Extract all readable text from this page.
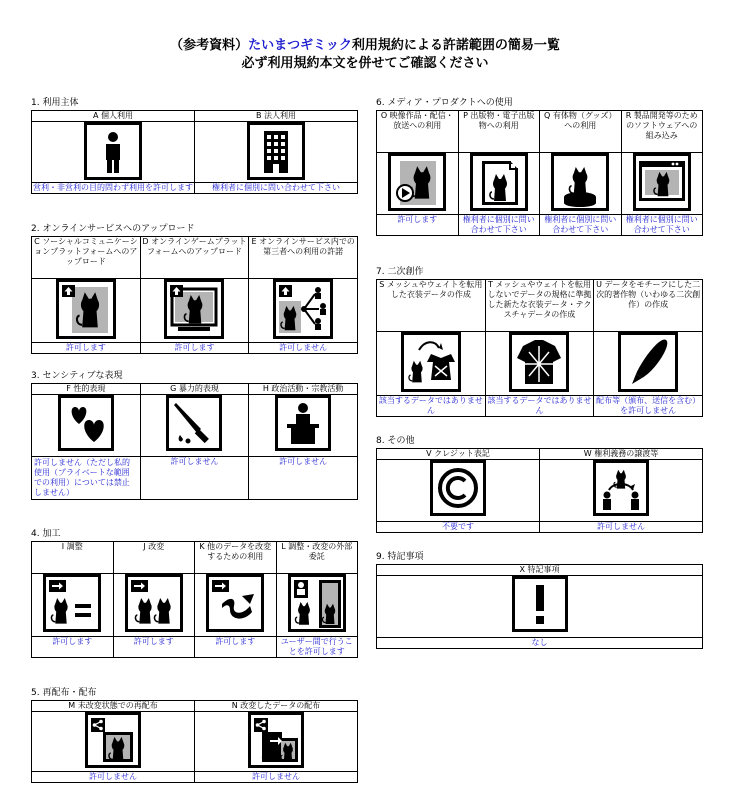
（参考資料）たいまつギミック利用規約による許諾範囲の簡易一覧
必ず利用規約本文を併せてご確認ください
1. 利用主体
A 個人利用	B 法人利用

営利・非営利の目的問わず利用を許可します	権利者に個別に問い合わせて下さい
2. オンラインサービスへのアップロード
C ソーシャルコミュニケーションプラットフォームへのアップロード	D オンラインゲームプラットフォームへのアップロード	E オンラインサービス内での第三者への利用の許諾

許可します	許可します	許可しません
3. センシティブな表現
F 性的表現	G 暴力的表現	H 政治活動・宗教活動

許可しません（ただし私的使用（プライベートな範囲での利用）については禁止しません）	許可しません	許可しません
4. 加工
I 調整	J 改変	K 他のデータを改変するための利用	L 調整・改変の外部委託

許可します	許可します	許可します	ユーザー間で行うことを許可します
5. 再配布・配布
M 未改変状態での再配布	N 改変したデータの配布

許可しません	許可しません
6. メディア・プロダクトへの使用
O 映像作品・配信・放送への利用	P 出版物・電子出版物への利用	Q 有体物（グッズ）への利用	R 製品開発等のためのソフトウェアへの組み込み

許可します	権利者に個別に問い合わせて下さい	権利者に個別に問い合わせて下さい	権利者に個別に問い合わせて下さい
7. 二次創作
S メッシュやウェイトを転用した衣装データの作成	T メッシュやウェイトを転用しないでデータの規格に準拠した新たな衣装データ・テクスチャデータの作成	U データをモチーフにした二次的著作物（いわゆる二次創作）の作成

該当するデータではありません	該当するデータではありません	配布等（頒布、送信を含む）を許可しません
8. その他
V クレジット表記	W 権利義務の譲渡等

不要です	許可しません
9. 特記事項
X 特記事項

なし
